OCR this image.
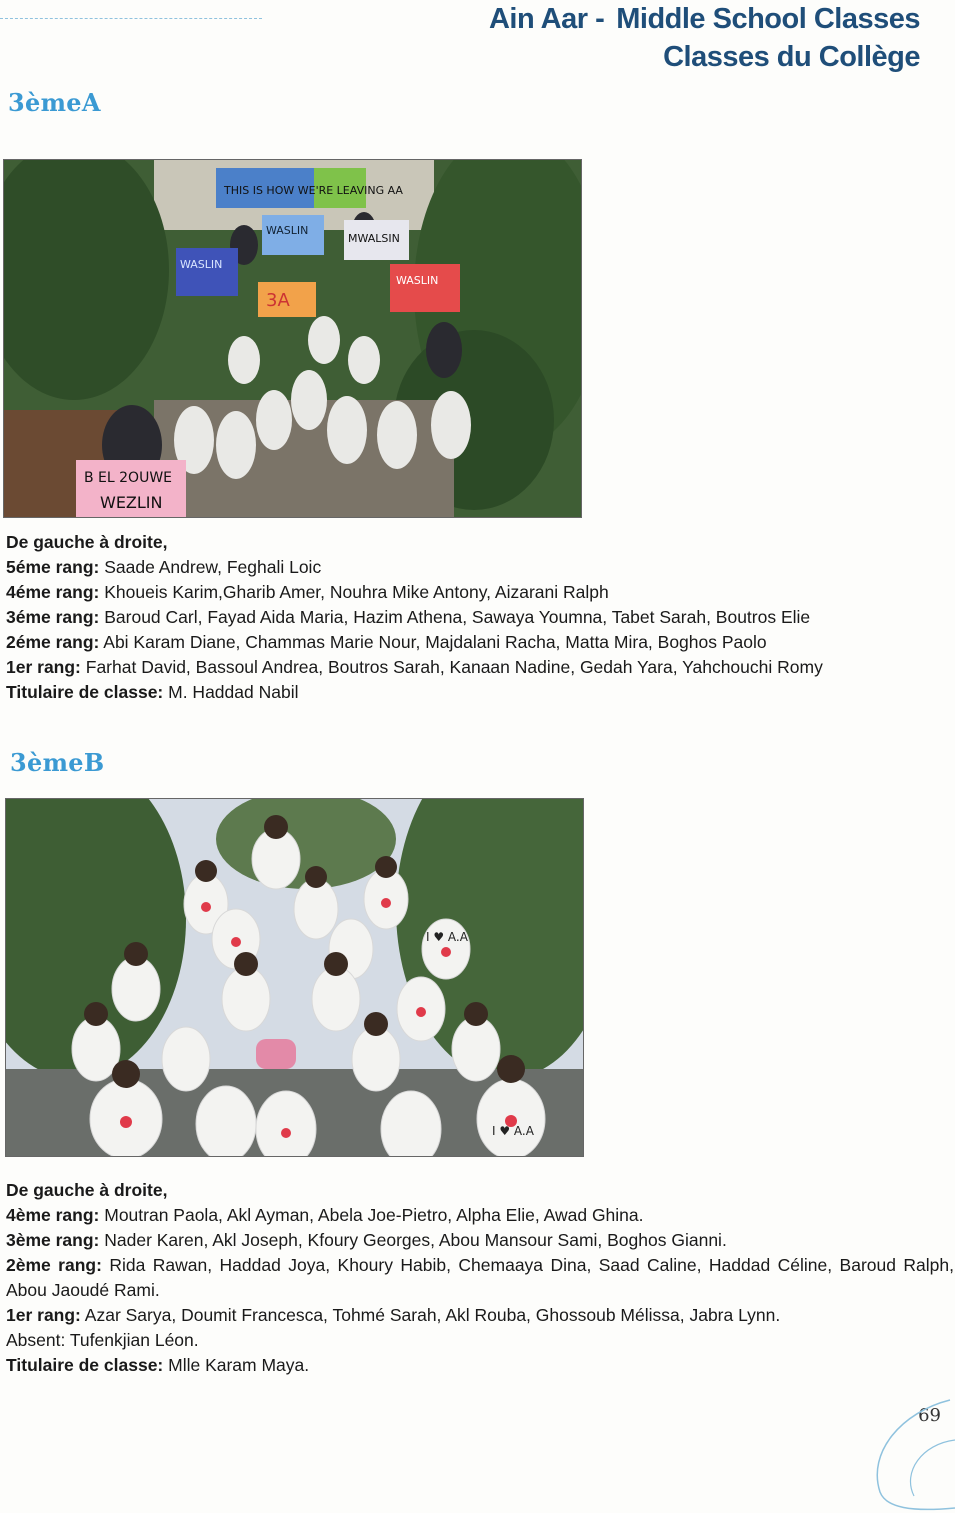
Ain Aar - Middle School Classes
Classes du Collège
3èmeA
THIS IS HOW WE'RE LEAVING AA
WASLIN
MWALSIN
WASLIN
3A
WASLIN
B EL 2OUWE
WEZLIN
De gauche à droite,
5éme rang: Saade Andrew, Feghali Loic
4éme rang: Khoueis Karim,Gharib Amer, Nouhra Mike Antony, Aizarani Ralph
3éme rang: Baroud Carl, Fayad Aida Maria, Hazim Athena, Sawaya Youmna, Tabet Sarah, Boutros Elie
2éme rang: Abi Karam Diane, Chammas Marie Nour, Majdalani Racha, Matta Mira, Boghos Paolo
1er rang: Farhat David, Bassoul Andrea, Boutros Sarah, Kanaan Nadine, Gedah Yara, Yahchouchi Romy
Titulaire de classe: M. Haddad Nabil
3èmeB
I ♥ A.A
I ♥ A.A
De gauche à droite,
4ème rang: Moutran Paola, Akl Ayman, Abela Joe-Pietro, Alpha Elie, Awad Ghina.
3ème rang: Nader Karen, Akl Joseph, Kfoury Georges, Abou Mansour Sami, Boghos Gianni.
2ème rang: Rida Rawan, Haddad Joya, Khoury Habib, Chemaaya Dina, Saad Caline, Haddad Céline, Baroud Ralph, Abou Jaoudé Rami.
1er rang: Azar Sarya, Doumit Francesca, Tohmé Sarah, Akl Rouba, Ghossoub Mélissa, Jabra Lynn.
Absent: Tufenkjian Léon.
Titulaire de classe: Mlle Karam Maya.
69
